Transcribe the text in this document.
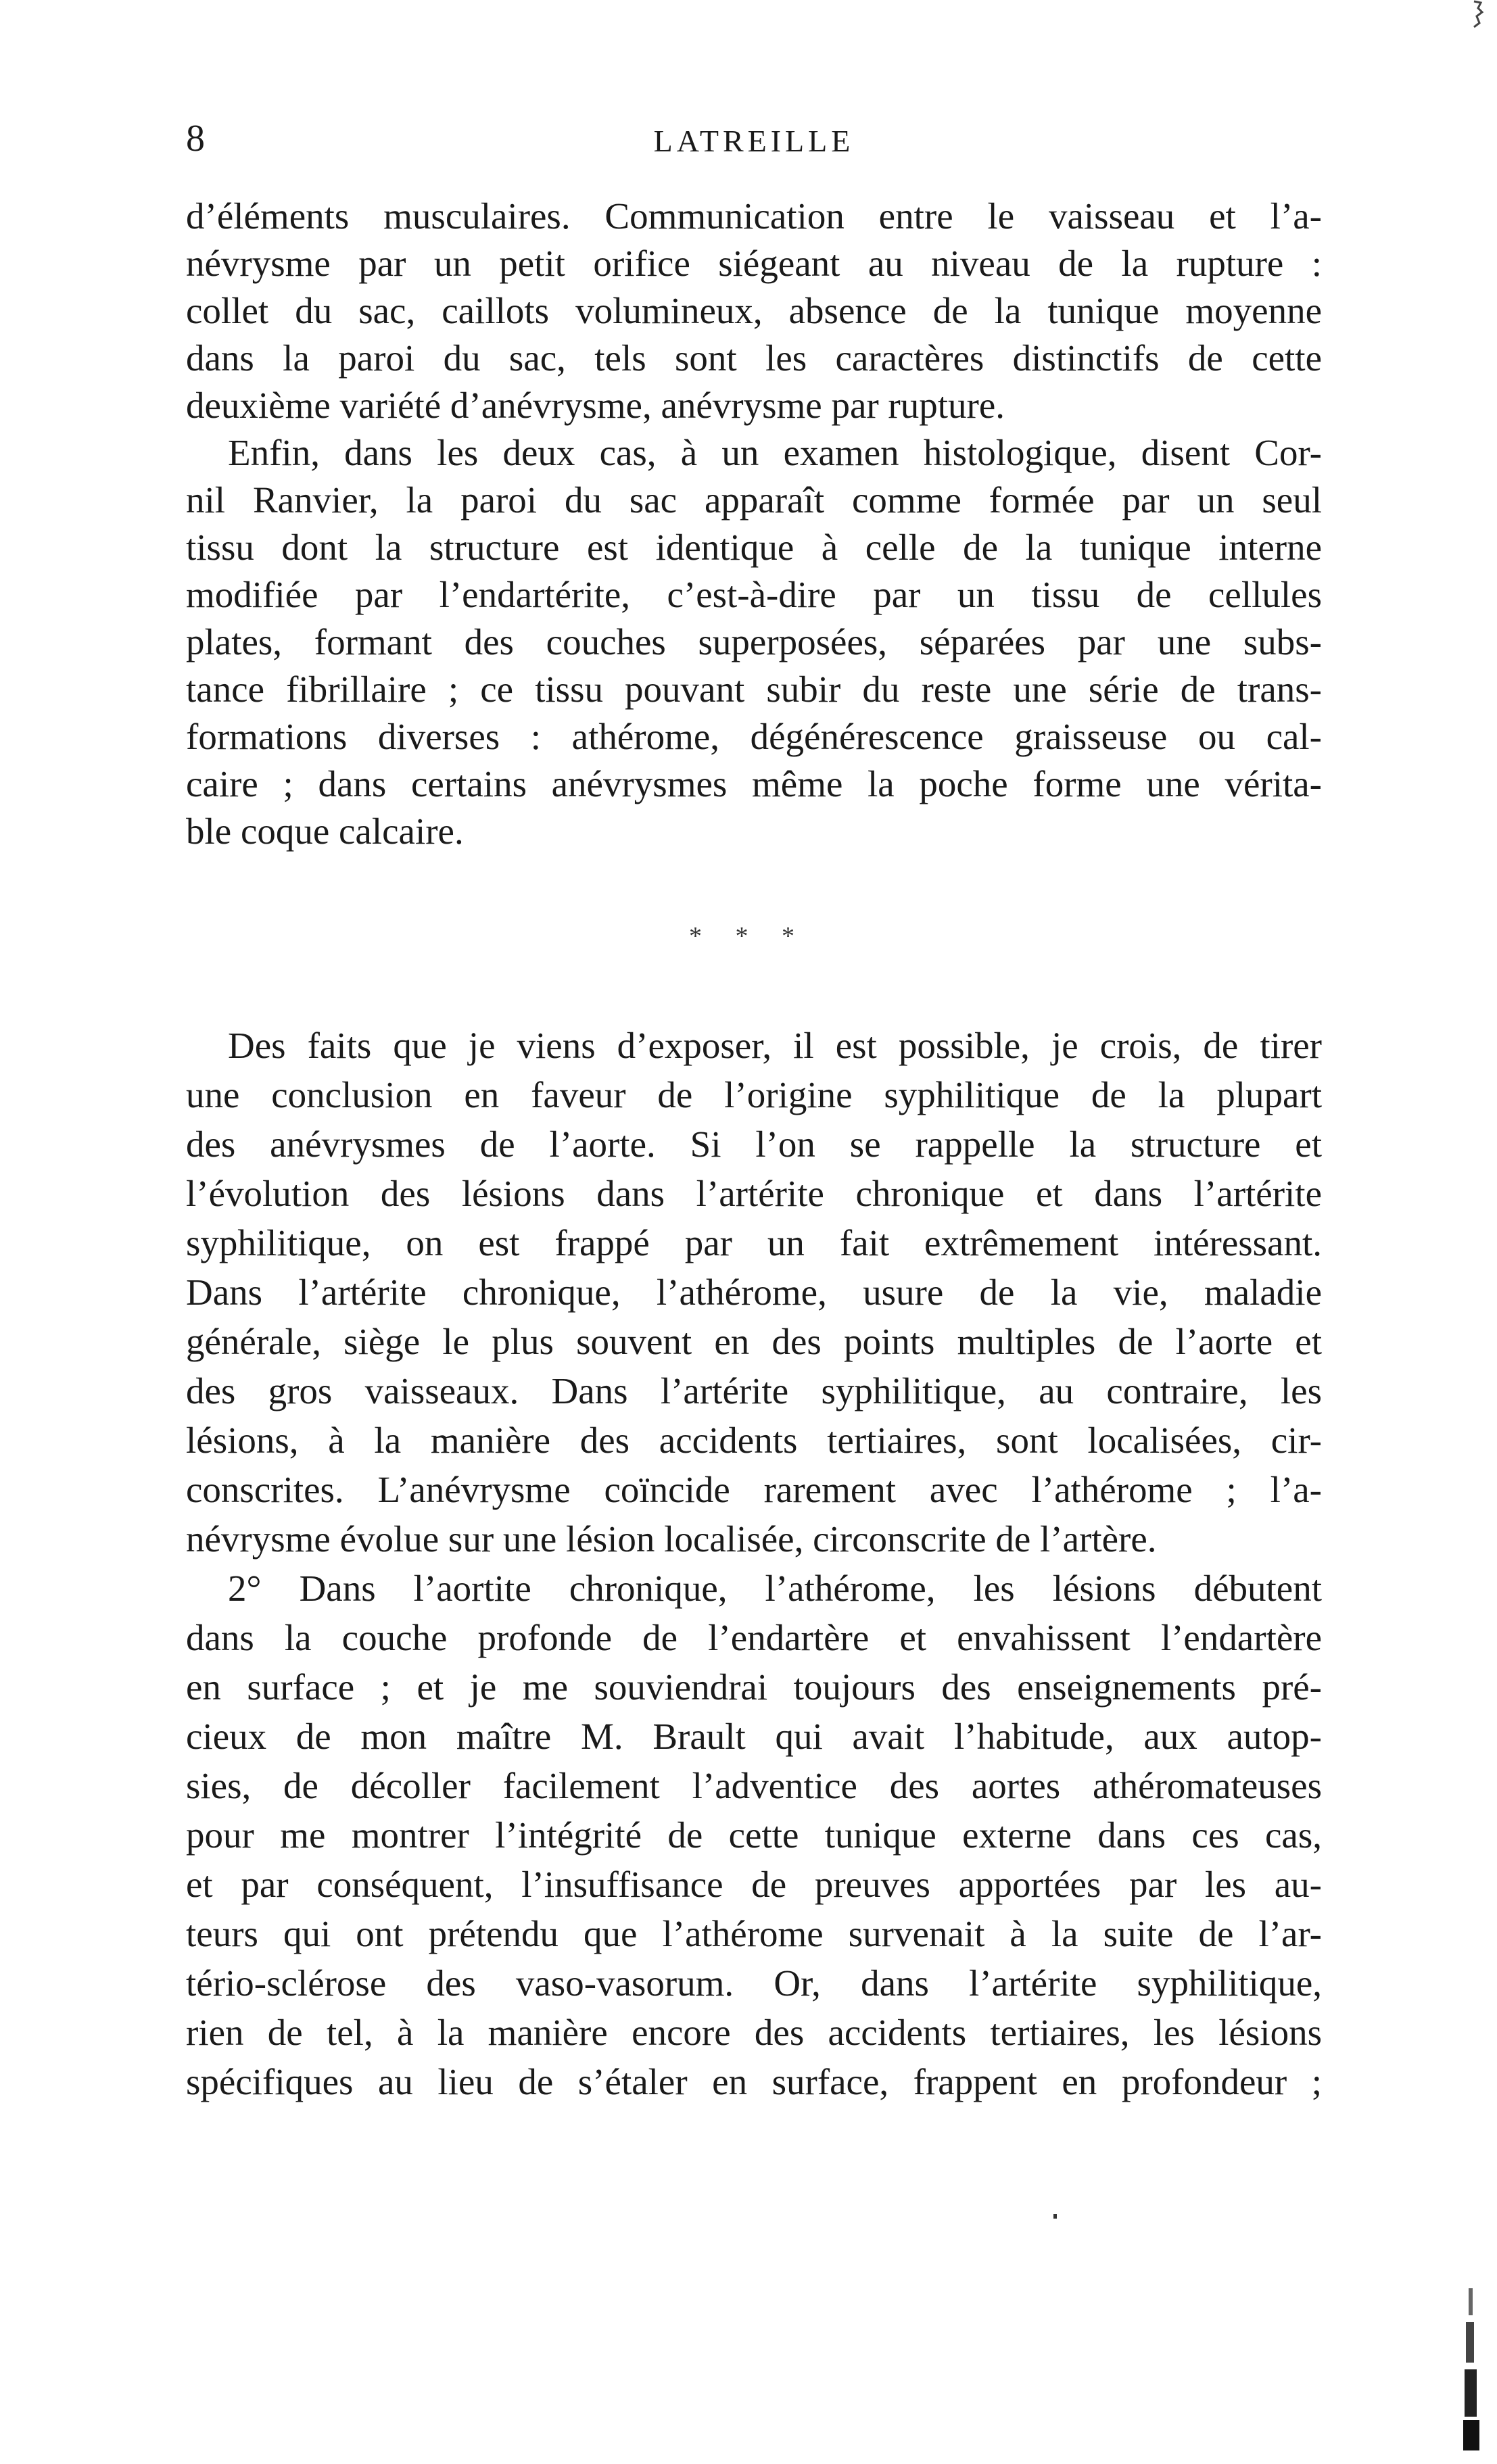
8	LATREILLE
d’éléments musculaires. Communication entre le vaisseau et l’a-
névrysme par un petit orifice siégeant au niveau de la rupture :
collet du sac, caillots volumineux, absence de la tunique moyenne
dans la paroi du sac, tels sont les caractères distinctifs de cette
deuxième variété d’anévrysme, anévrysme par rupture.
Enfin, dans les deux cas, à un examen histologique, disent Cor-
nil Ranvier, la paroi du sac apparaît comme formée par un seul
tissu dont la structure est identique à celle de la tunique interne
modifiée par l’endartérite, c’est-à-dire par un tissu de cellules
plates, formant des couches superposées, séparées par une subs-
tance fibrillaire ; ce tissu pouvant subir du reste une série de trans-
formations diverses : athérome, dégénérescence graisseuse ou cal-
caire ; dans certains anévrysmes même la poche forme une vérita-
ble coque calcaire.
* * *
Des faits que je viens d’exposer, il est possible, je crois, de tirer
une conclusion en faveur de l’origine syphilitique de la plupart
des anévrysmes de l’aorte. Si l’on se rappelle la structure et
l’évolution des lésions dans l’artérite chronique et dans l’artérite
syphilitique, on est frappé par un fait extrêmement intéressant.
Dans l’artérite chronique, l’athérome, usure de la vie, maladie
générale, siège le plus souvent en des points multiples de l’aorte et
des gros vaisseaux. Dans l’artérite syphilitique, au contraire, les
lésions, à la manière des accidents tertiaires, sont localisées, cir-
conscrites. L’anévrysme coïncide rarement avec l’athérome ; l’a-
névrysme évolue sur une lésion localisée, circonscrite de l’artère.
2° Dans l’aortite chronique, l’athérome, les lésions débutent
dans la couche profonde de l’endartère et envahissent l’endartère
en surface ; et je me souviendrai toujours des enseignements pré-
cieux de mon maître M. Brault qui avait l’habitude, aux autop-
sies, de décoller facilement l’adventice des aortes athéromateuses
pour me montrer l’intégrité de cette tunique externe dans ces cas,
et par conséquent, l’insuffisance de preuves apportées par les au-
teurs qui ont prétendu que l’athérome survenait à la suite de l’ar-
tério-sclérose des vaso-vasorum. Or, dans l’artérite syphilitique,
rien de tel, à la manière encore des accidents tertiaires, les lésions
spécifiques au lieu de s’étaler en surface, frappent en profondeur ;
